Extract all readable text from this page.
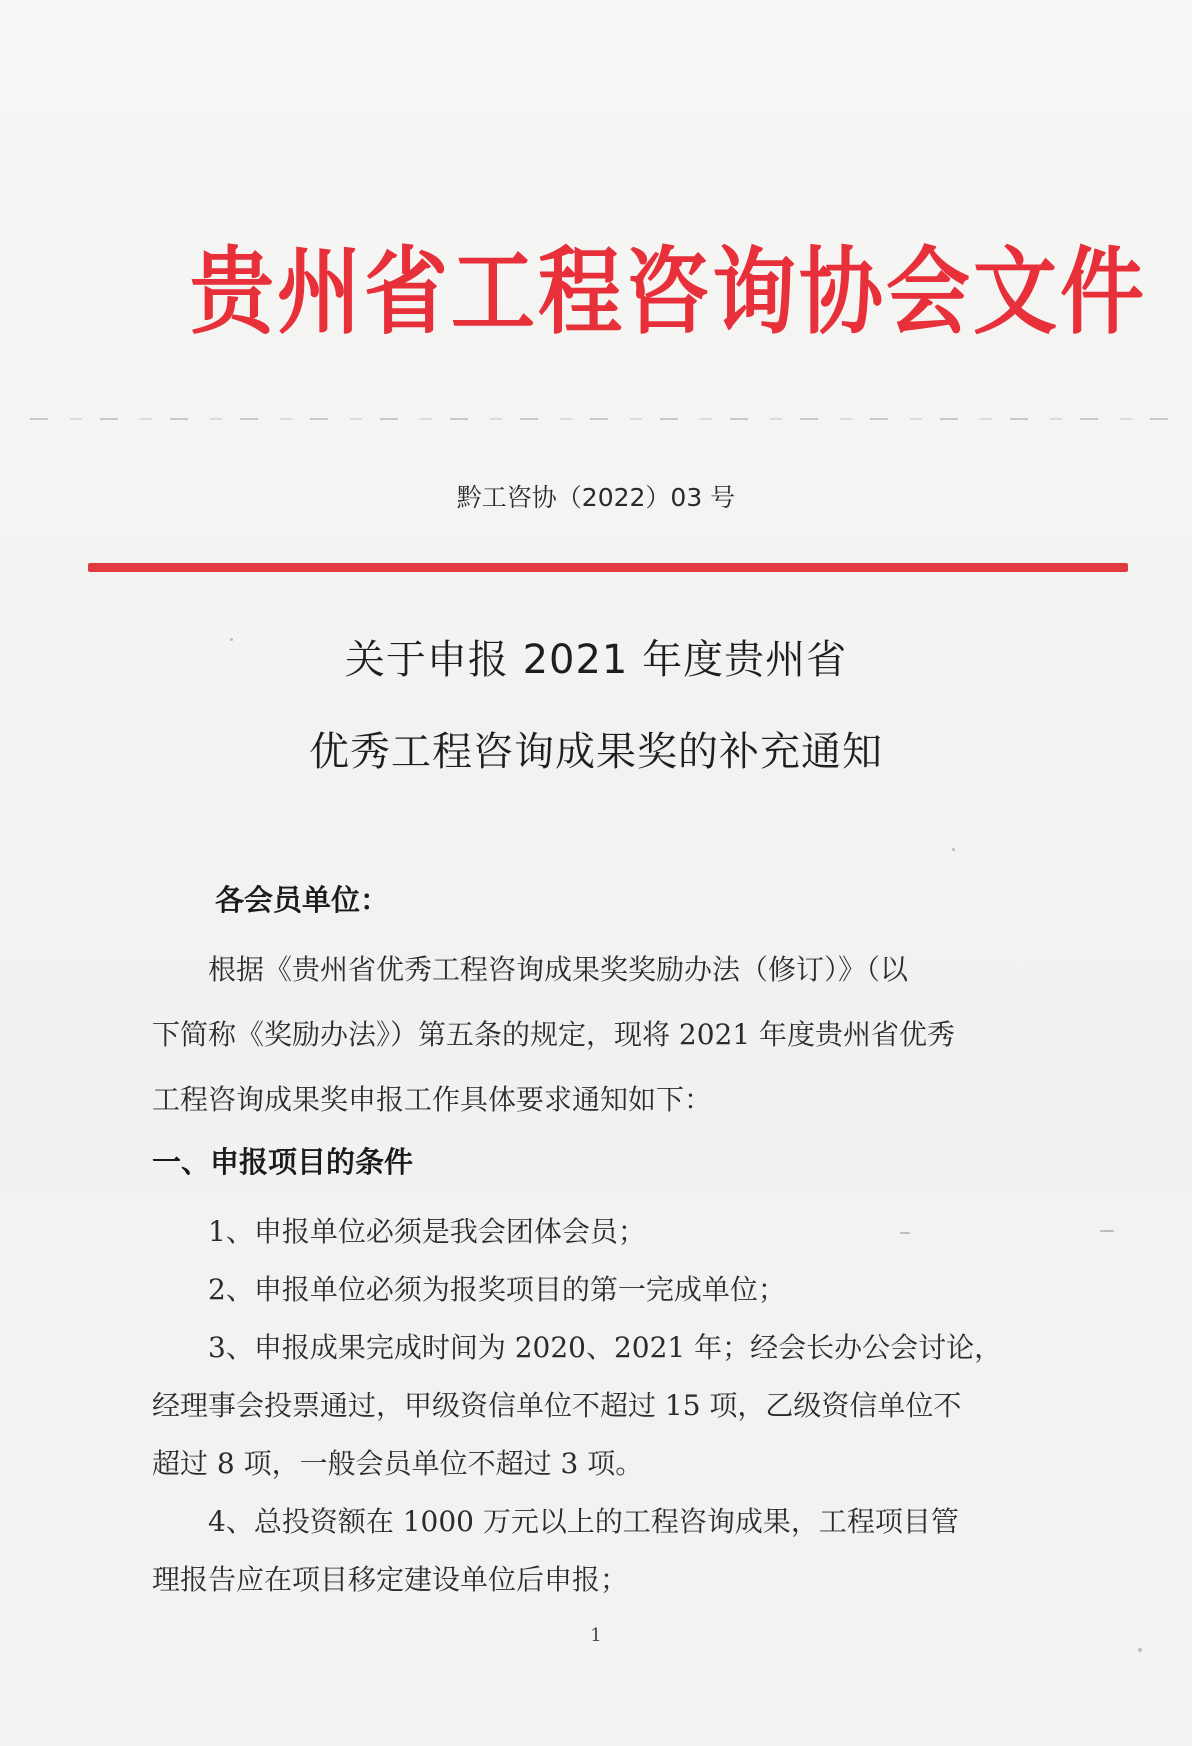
贵州省工程咨询协会文件
黔工咨协（2022）03 号
关于申报 2021 年度贵州省
优秀工程咨询成果奖的补充通知
各会员单位：
　　根据《贵州省优秀工程咨询成果奖奖励办法（修订）》（以
下简称《奖励办法》）第五条的规定，现将 2021 年度贵州省优秀
工程咨询成果奖申报工作具体要求通知如下：
一、申报项目的条件
　　1、申报单位必须是我会团体会员；
　　2、申报单位必须为报奖项目的第一完成单位；
　　3、申报成果完成时间为 2020、2021 年；经会长办公会讨论，
经理事会投票通过，甲级资信单位不超过 15 项，乙级资信单位不
超过 8 项，一般会员单位不超过 3 项。
　　4、总投资额在 1000 万元以上的工程咨询成果，工程项目管
理报告应在项目移定建设单位后申报；
1
